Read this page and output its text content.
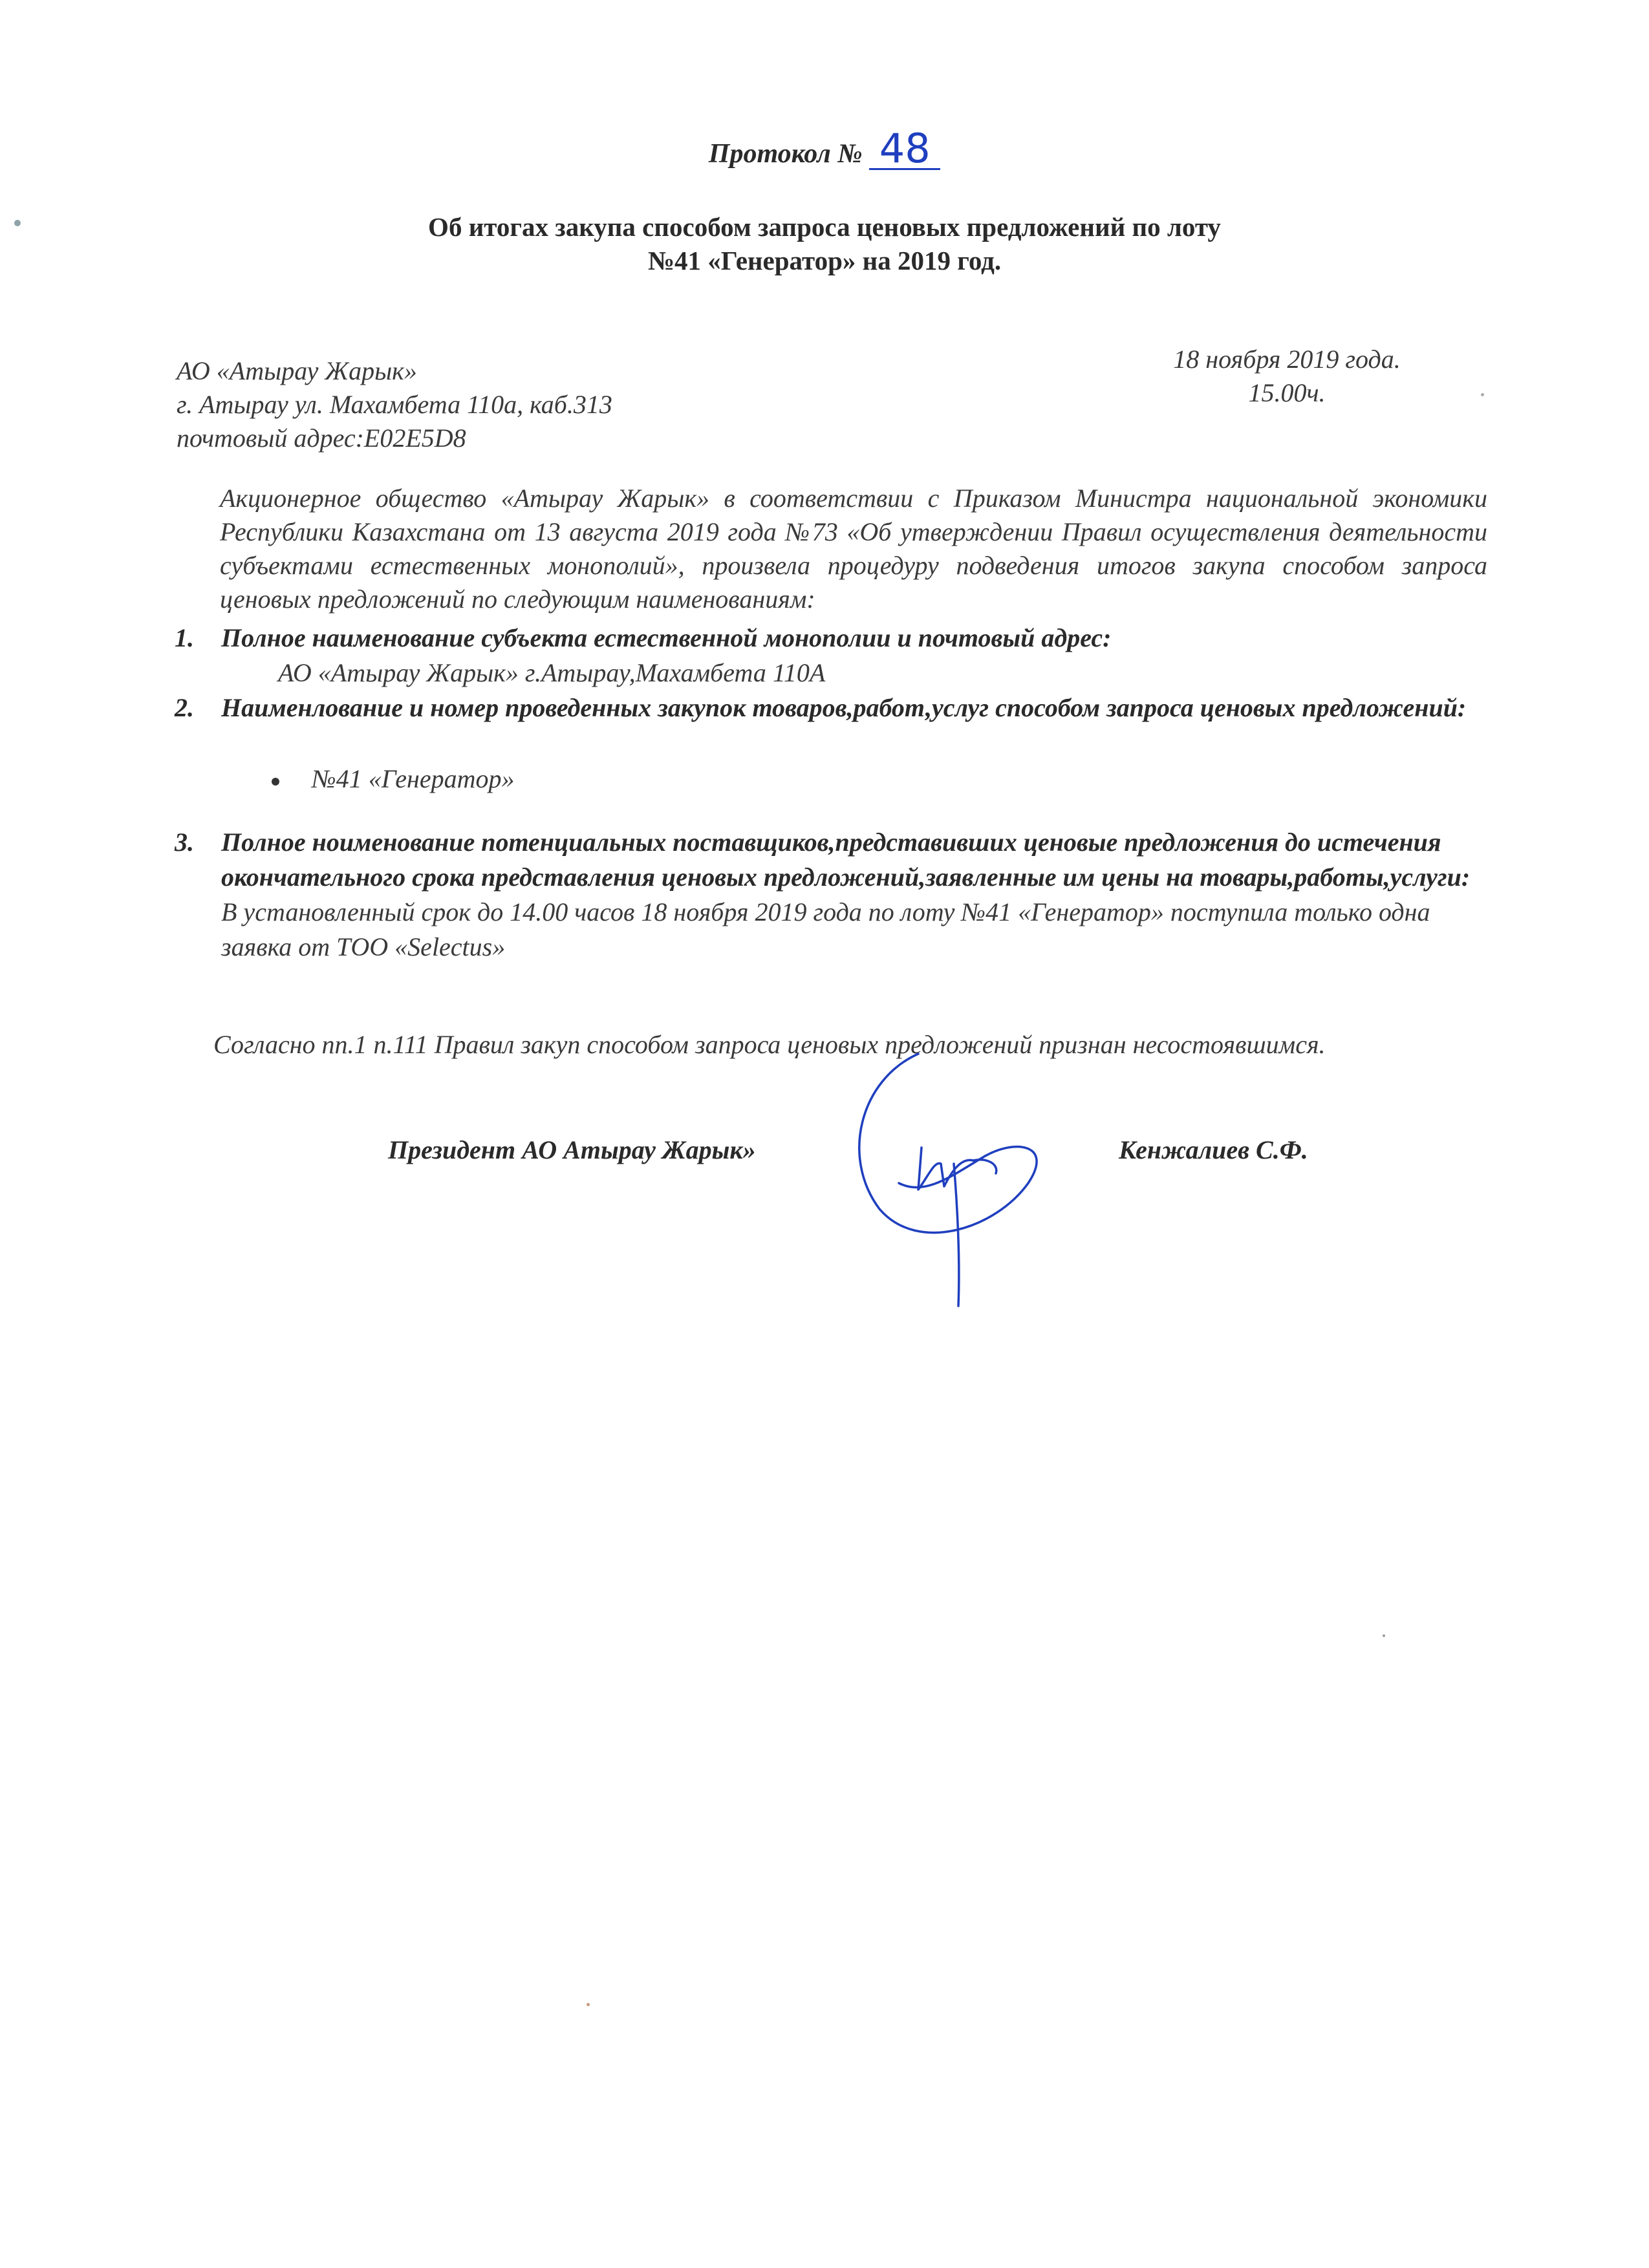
Протокол № 48
Об итогах закупа способом запроса ценовых предложений по лоту
№41 «Генератор» на 2019 год.
АО «Атырау Жарык»
г. Атырау ул. Махамбета 110а, каб.313
почтовый адрес:Е02Е5D8
18 ноября 2019 года.
15.00ч.
Акционерное общество «Атырау Жарык» в соответствии с Приказом Министра национальной экономики Республики Казахстана от 13 августа 2019 года №73 «Об утверждении Правил осуществления деятельности субъектами естественных монополий», произвела процедуру подведения итогов закупа способом запроса ценовых предложений по следующим наименованиям:
1. Полное наименование субъекта естественной монополии и почтовый адрес:
АО «Атырау Жарык» г.Атырау,Махамбета 110А
2. Наименлование и номер проведенных закупок товаров,работ,услуг способом запроса ценовых предложений:
№41 «Генератор»
3. Полное ноименование потенциальных поставщиков,представивших ценовые предложения до истечения окончательного срока представления ценовых предложений,заявленные им цены на товары,работы,услуги:
В установленный срок до 14.00 часов 18 ноября 2019 года по лоту №41 «Генератор» поступила только одна заявка от ТОО «Selectus»
Согласно пп.1 п.111 Правил закуп способом запроса ценовых предложений признан несостоявшимся.
Президент АО Атырау Жарык»	Кенжалиев С.Ф.
